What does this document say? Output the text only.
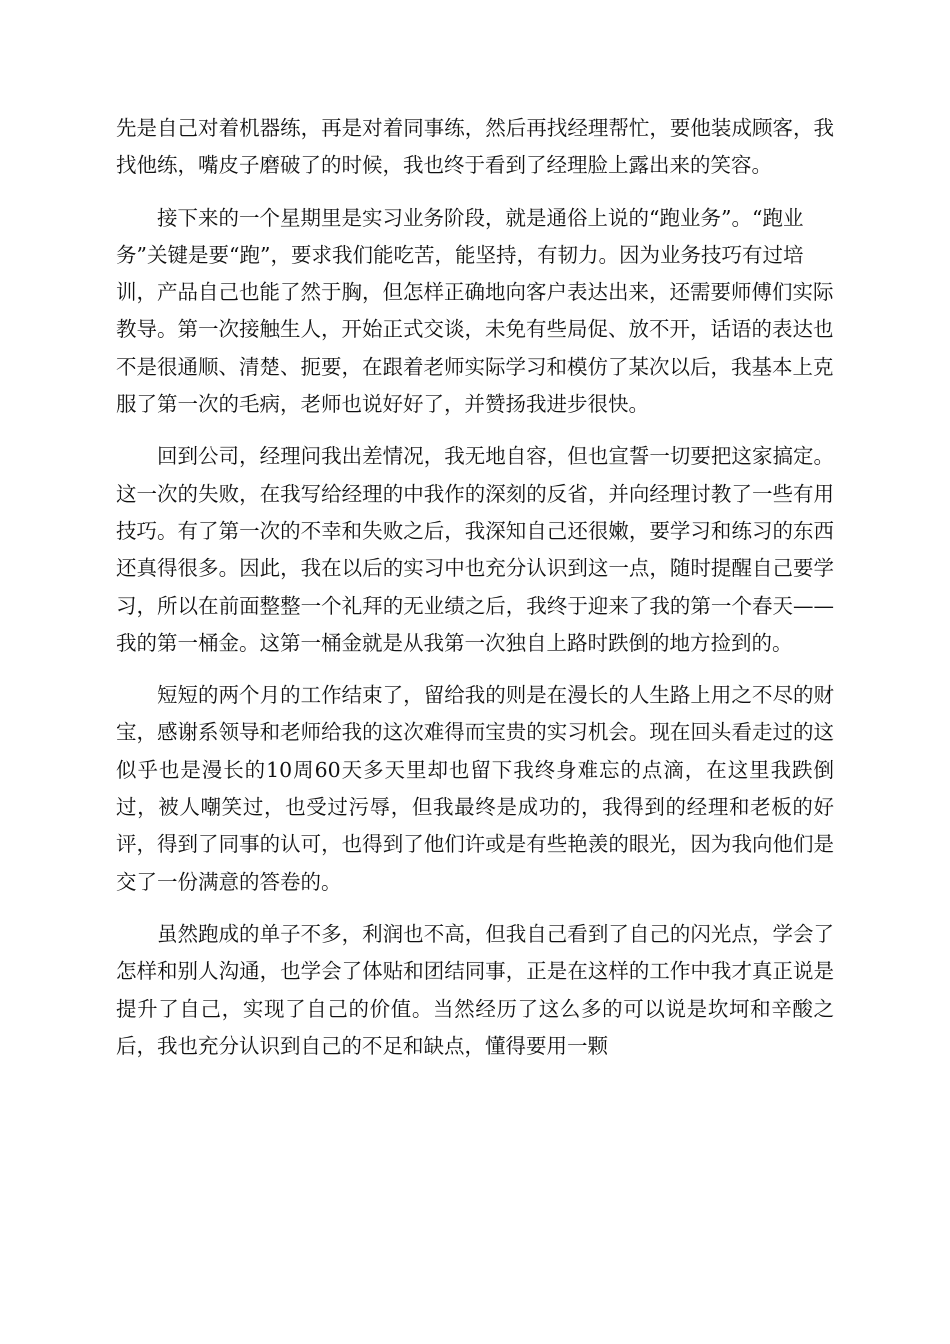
先是自己对着机器练，再是对着同事练，然后再找经理帮忙，要他装成顾客，我找他练，嘴皮子磨破了的时候，我也终于看到了经理脸上露出来的笑容。

接下来的一个星期里是实习业务阶段，就是通俗上说的“跑业务”。“跑业务”关键是要“跑”，要求我们能吃苦，能坚持，有韧力。因为业务技巧有过培训，产品自己也能了然于胸，但怎样正确地向客户表达出来，还需要师傅们实际教导。第一次接触生人，开始正式交谈，未免有些局促、放不开，话语的表达也不是很通顺、清楚、扼要，在跟着老师实际学习和模仿了某次以后，我基本上克服了第一次的毛病，老师也说好好了，并赞扬我进步很快。

回到公司，经理问我出差情况，我无地自容，但也宣誓一切要把这家搞定。这一次的失败，在我写给经理的中我作的深刻的反省，并向经理讨教了一些有用技巧。有了第一次的不幸和失败之后，我深知自己还很嫩，要学习和练习的东西还真得很多。因此，我在以后的实习中也充分认识到这一点，随时提醒自己要学习，所以在前面整整一个礼拜的无业绩之后，我终于迎来了我的第一个春天——我的第一桶金。这第一桶金就是从我第一次独自上路时跌倒的地方捡到的。

短短的两个月的工作结束了，留给我的则是在漫长的人生路上用之不尽的财宝，感谢系领导和老师给我的这次难得而宝贵的实习机会。现在回头看走过的这似乎也是漫长的10周60天多天里却也留下我终身难忘的点滴，在这里我跌倒过，被人嘲笑过，也受过污辱，但我最终是成功的，我得到的经理和老板的好评，得到了同事的认可，也得到了他们许或是有些艳羡的眼光，因为我向他们是交了一份满意的答卷的。

虽然跑成的单子不多，利润也不高，但我自己看到了自己的闪光点，学会了怎样和别人沟通，也学会了体贴和团结同事，正是在这样的工作中我才真正说是提升了自己，实现了自己的价值。当然经历了这么多的可以说是坎坷和辛酸之后，我也充分认识到自己的不足和缺点，懂得要用一颗
